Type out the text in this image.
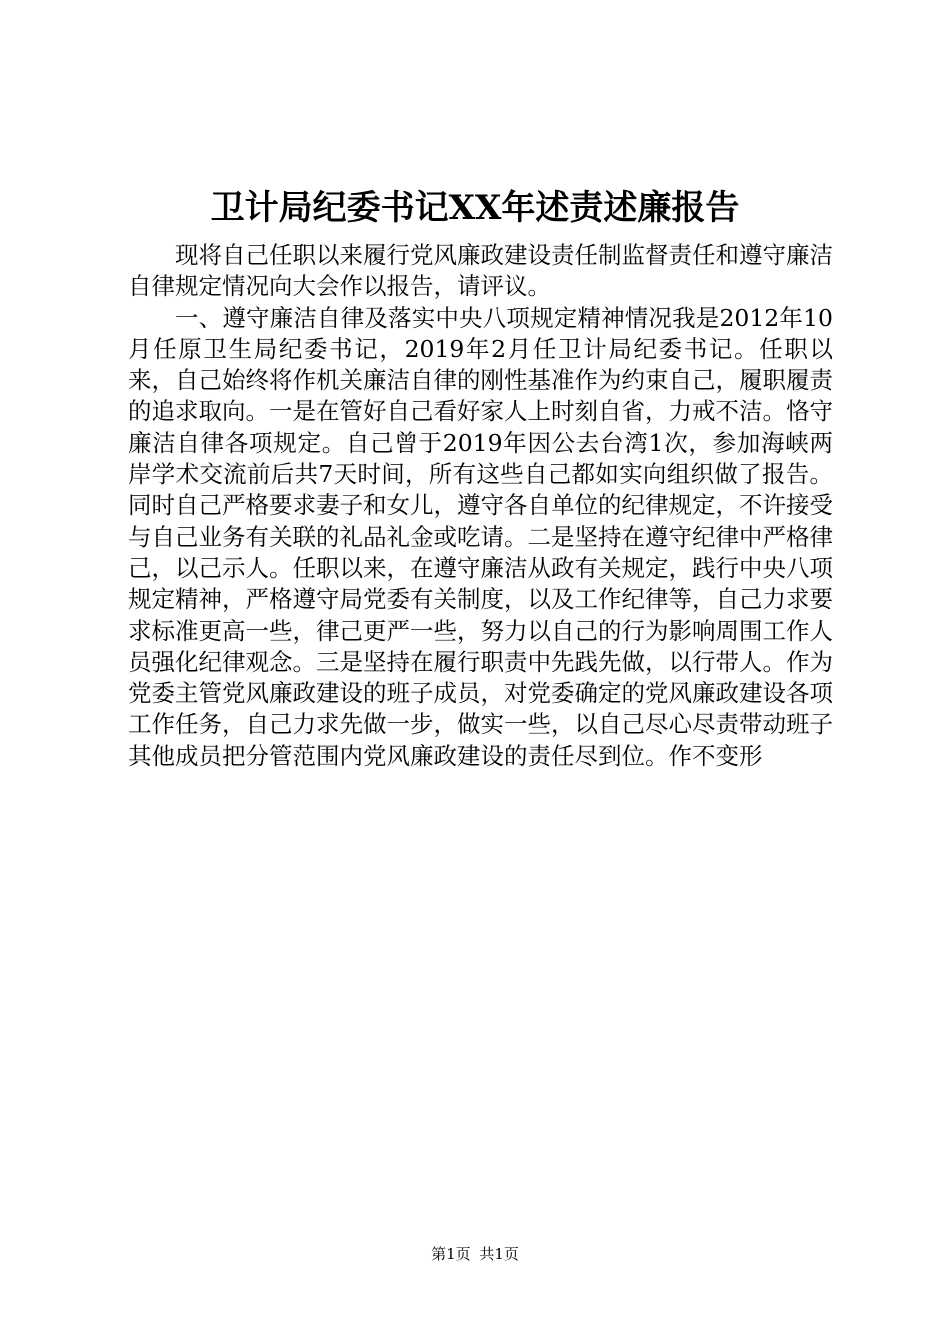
卫计局纪委书记XX年述责述廉报告

现将自己任职以来履行党风廉政建设责任制监督责任和遵守廉洁自律规定情况向大会作以报告，请评议。

一、遵守廉洁自律及落实中央八项规定精神情况我是2012年10月任原卫生局纪委书记，2019年2月任卫计局纪委书记。任职以来，自己始终将作机关廉洁自律的刚性基准作为约束自己，履职履责的追求取向。一是在管好自己看好家人上时刻自省，力戒不洁。恪守廉洁自律各项规定。自己曾于2019年因公去台湾1次，参加海峡两岸学术交流前后共7天时间，所有这些自己都如实向组织做了报告。同时自己严格要求妻子和女儿，遵守各自单位的纪律规定，不许接受与自己业务有关联的礼品礼金或吃请。二是坚持在遵守纪律中严格律己，以己示人。任职以来，在遵守廉洁从政有关规定，践行中央八项规定精神，严格遵守局党委有关制度，以及工作纪律等，自己力求要求标准更高一些，律己更严一些，努力以自己的行为影响周围工作人员强化纪律观念。三是坚持在履行职责中先践先做，以行带人。作为党委主管党风廉政建设的班子成员，对党委确定的党风廉政建设各项工作任务，自己力求先做一步，做实一些，以自己尽心尽责带动班子其他成员把分管范围内党风廉政建设的责任尽到位。作不变形

第1页 共1页
